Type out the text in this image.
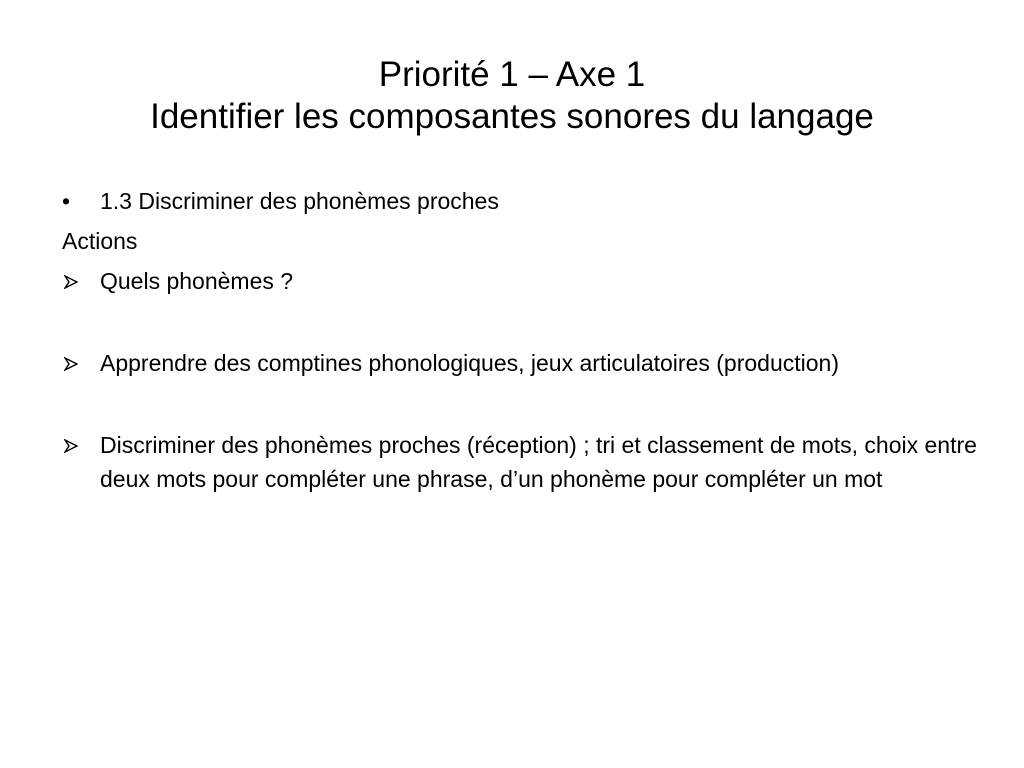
Priorité 1 – Axe 1
Identifier les composantes sonores du langage

• 1.3 Discriminer des phonèmes proches

Actions

Quels phonèmes ?

Apprendre des comptines phonologiques, jeux articulatoires (production)

Discriminer des phonèmes proches (réception) ; tri et classement de mots, choix entre deux mots pour compléter une phrase, d’un phonème pour compléter un mot
